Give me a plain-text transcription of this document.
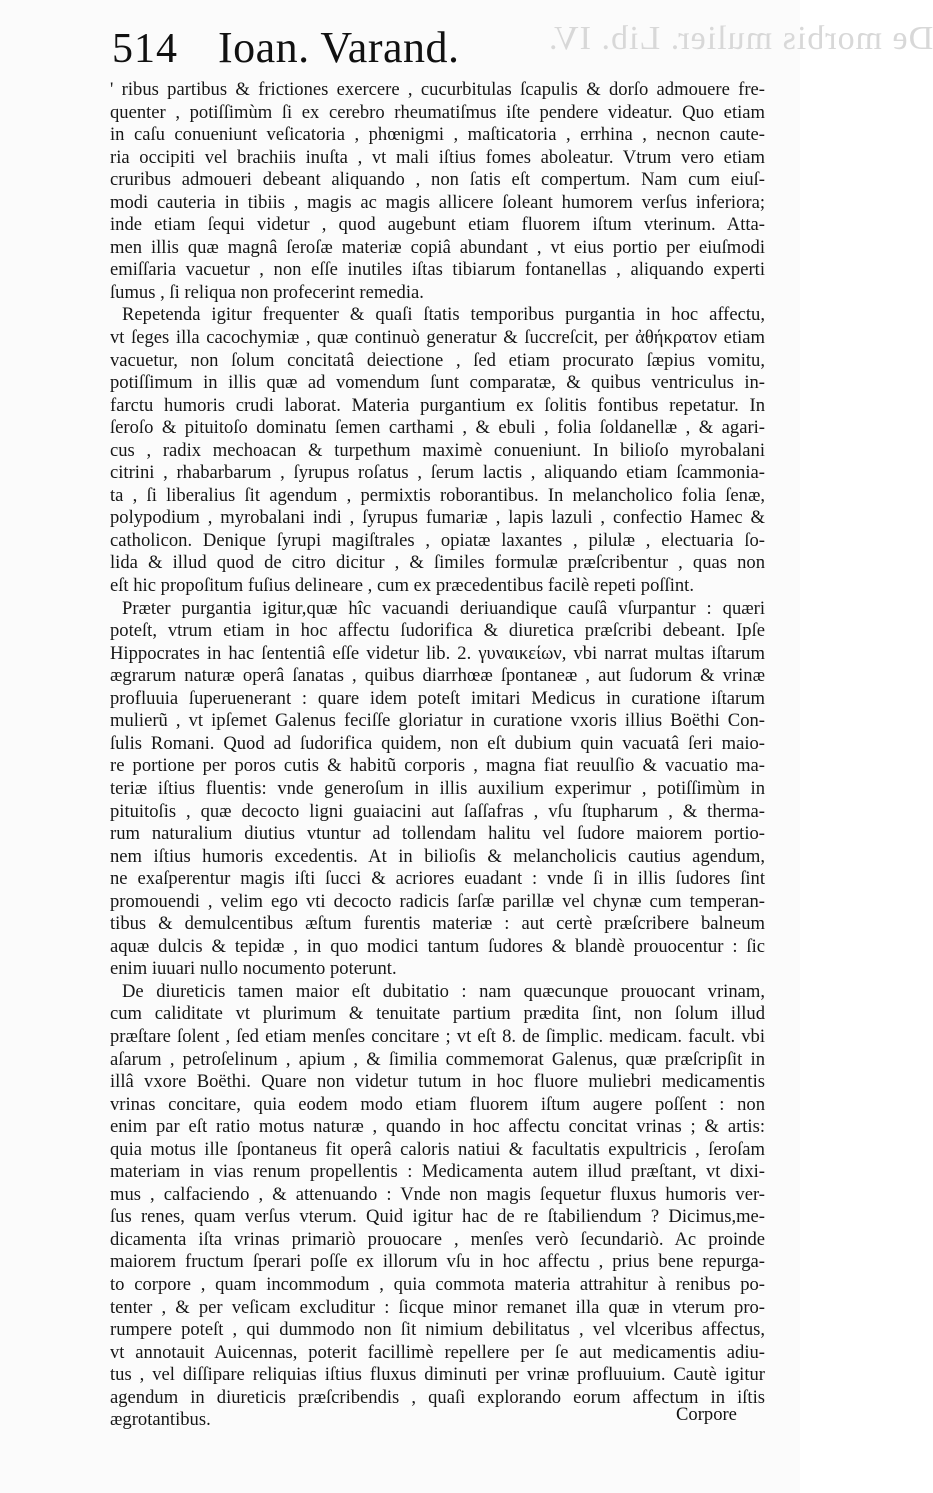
De morbis mulier. Lib. IV.
514 Ioan. Varand.
' ribus partibus & frictiones exercere , cucurbitulas ſcapulis & dorſo admouere fre-
quenter , potiſſimùm ſi ex cerebro rheumatiſmus iſte pendere videatur. Quo etiam
in caſu conueniunt veſicatoria , phœnigmi , maſticatoria , errhina , necnon caute-
ria occipiti vel brachiis inuſta , vt mali iſtius fomes aboleatur. Vtrum vero etiam
cruribus admoueri debeant aliquando , non ſatis eſt compertum. Nam cum eiuſ-
modi cauteria in tibiis , magis ac magis allicere ſoleant humorem verſus inferiora;
inde etiam ſequi videtur , quod augebunt etiam fluorem iſtum vterinum. Atta-
men illis quæ magnâ ſeroſæ materiæ copiâ abundant , vt eius portio per eiuſmodi
emiſſaria vacuetur , non eſſe inutiles iſtas tibiarum fontanellas , aliquando experti
ſumus , ſi reliqua non profecerint remedia.
Repetenda igitur frequenter & quaſi ſtatis temporibus purgantia in hoc affectu,
vt ſeges illa cacochymiæ , quæ continuò generatur & ſuccreſcit, per ἀθήκρατον etiam
vacuetur, non ſolum concitatâ deiectione , ſed etiam procurato ſæpius vomitu,
potiſſimum in illis quæ ad vomendum ſunt comparatæ, & quibus ventriculus in-
farctu humoris crudi laborat. Materia purgantium ex ſolitis fontibus repetatur. In
ſeroſo & pituitoſo dominatu ſemen carthami , & ebuli , folia ſoldanellæ , & agari-
cus , radix mechoacan & turpethum maximè conueniunt. In bilioſo myrobalani
citrini , rhabarbarum , ſyrupus roſatus , ſerum lactis , aliquando etiam ſcammonia-
ta , ſi liberalius ſit agendum , permixtis roborantibus. In melancholico folia ſenæ,
polypodium , myrobalani indi , ſyrupus fumariæ , lapis lazuli , confectio Hamec &
catholicon. Denique ſyrupi magiſtrales , opiatæ laxantes , pilulæ , electuaria ſo-
lida & illud quod de citro dicitur , & ſimiles formulæ præſcribentur , quas non
eſt hic propoſitum fuſius delineare , cum ex præcedentibus facilè repeti poſſint.
Præter purgantia igitur,quæ hîc vacuandi deriuandique cauſâ vſurpantur : quæri
poteſt, vtrum etiam in hoc affectu ſudorifica & diuretica præſcribi debeant. Ipſe
Hippocrates in hac ſententiâ eſſe videtur lib. 2. γυναικείων, vbi narrat multas iſtarum
ægrarum naturæ operâ ſanatas , quibus diarrhœæ ſpontaneæ , aut ſudorum & vrinæ
profluuia ſuperuenerant : quare idem poteſt imitari Medicus in curatione iſtarum
mulierũ , vt ipſemet Galenus feciſſe gloriatur in curatione vxoris illius Boëthi Con-
ſulis Romani. Quod ad ſudorifica quidem, non eſt dubium quin vacuatâ ſeri maio-
re portione per poros cutis & habitũ corporis , magna fiat reuulſio & vacuatio ma-
teriæ iſtius fluentis: vnde generoſum in illis auxilium experimur , potiſſimùm in
pituitoſis , quæ decocto ligni guaiacini aut ſaſſafras , vſu ſtupharum , & therma-
rum naturalium diutius vtuntur ad tollendam halitu vel ſudore maiorem portio-
nem iſtius humoris excedentis. At in bilioſis & melancholicis cautius agendum,
ne exaſperentur magis iſti ſucci & acriores euadant : vnde ſi in illis ſudores ſint
promouendi , velim ego vti decocto radicis ſarſæ parillæ vel chynæ cum temperan-
tibus & demulcentibus æſtum furentis materiæ : aut certè præſcribere balneum
aquæ dulcis & tepidæ , in quo modici tantum ſudores & blandè prouocentur : ſic
enim iuuari nullo nocumento poterunt.
De diureticis tamen maior eſt dubitatio : nam quæcunque prouocant vrinam,
cum caliditate vt plurimum & tenuitate partium prædita ſint, non ſolum illud
præſtare ſolent , ſed etiam menſes concitare ; vt eſt 8. de ſimplic. medicam. facult. vbi
aſarum , petroſelinum , apium , & ſimilia commemorat Galenus, quæ præſcripſit in
illâ vxore Boëthi. Quare non videtur tutum in hoc fluore muliebri medicamentis
vrinas concitare, quia eodem modo etiam fluorem iſtum augere poſſent : non
enim par eſt ratio motus naturæ , quando in hoc affectu concitat vrinas ; & artis:
quia motus ille ſpontaneus fit operâ caloris natiui & facultatis expultricis , ſeroſam
materiam in vias renum propellentis : Medicamenta autem illud præſtant, vt dixi-
mus , calfaciendo , & attenuando : Vnde non magis ſequetur fluxus humoris ver-
ſus renes, quam verſus vterum. Quid igitur hac de re ſtabiliendum ? Dicimus,me-
dicamenta iſta vrinas primariò prouocare , menſes verò ſecundariò. Ac proinde
maiorem fructum ſperari poſſe ex illorum vſu in hoc affectu , prius bene repurga-
to corpore , quam incommodum , quia commota materia attrahitur à renibus po-
tenter , & per veſicam excluditur : ſicque minor remanet illa quæ in vterum pro-
rumpere poteſt , qui dummodo non ſit nimium debilitatus , vel vlceribus affectus,
vt annotauit Auicennas, poterit facillimè repellere per ſe aut medicamentis adiu-
tus , vel diſſipare reliquias iſtius fluxus diminuti per vrinæ profluuium. Cautè igitur
agendum in diureticis præſcribendis , quaſi explorando eorum affectum in iſtis
ægrotantibus.	Corpore
